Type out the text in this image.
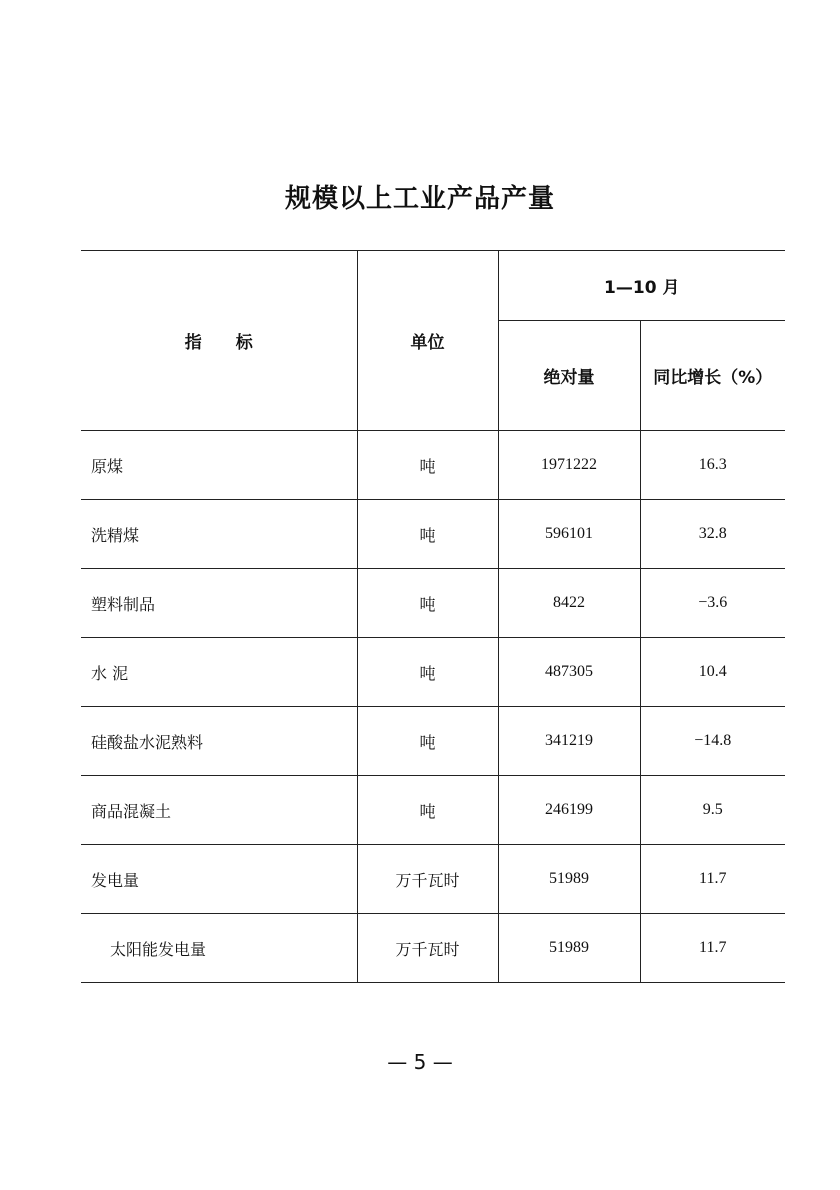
规模以上工业产品产量
指　　标	单位	1—10 月	
		绝对量	同比增长（%）
原煤	吨	1971222	16.3
洗精煤	吨	596101	32.8
塑料制品	吨	8422	−3.6
水 泥	吨	487305	10.4
硅酸盐水泥熟料	吨	341219	−14.8
商品混凝土	吨	246199	9.5
发电量	万千瓦时	51989	11.7
太阳能发电量	万千瓦时	51989	11.7
— 5 —
